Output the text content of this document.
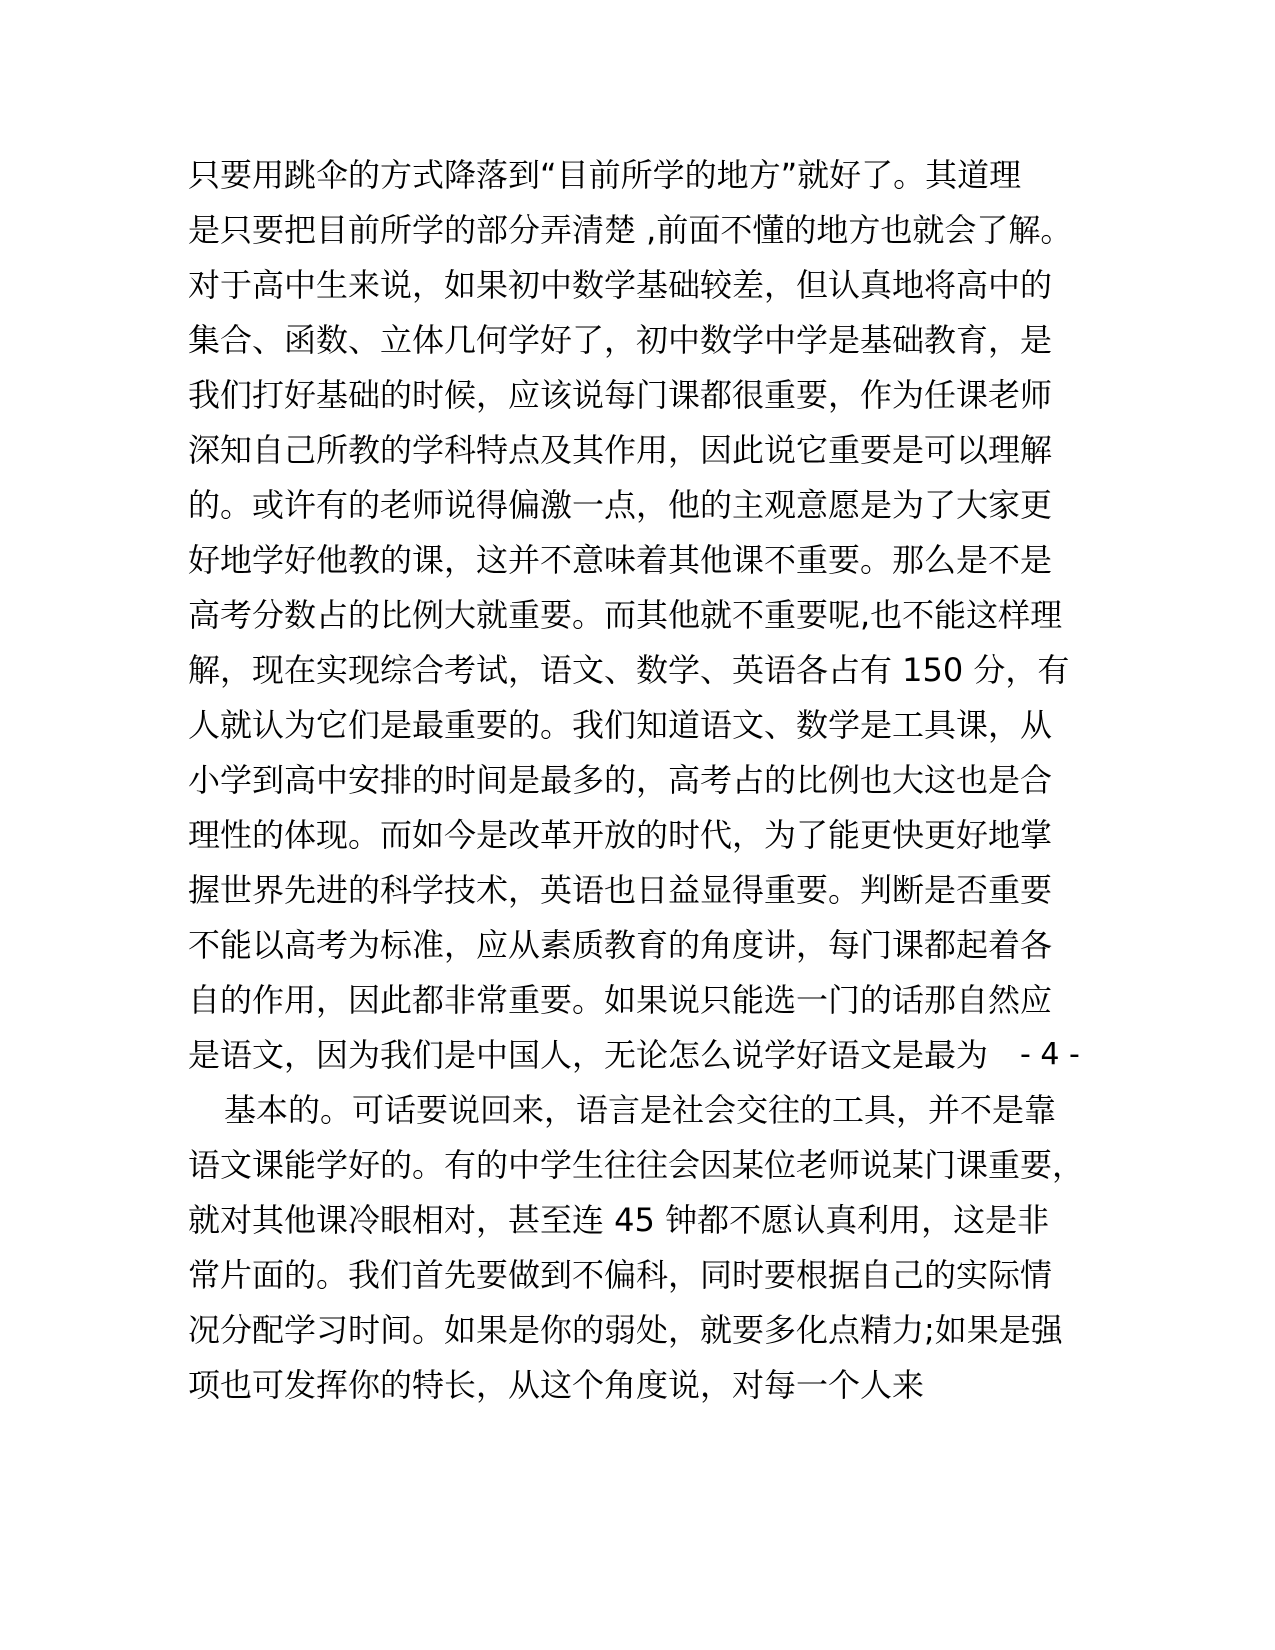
只要用跳伞的方式降落到“目前所学的地方”就好了。其道理
是只要把目前所学的部分弄清楚 ,前面不懂的地方也就会了解。
对于高中生来说，如果初中数学基础较差，但认真地将高中的
集合、函数、立体几何学好了，初中数学中学是基础教育，是
我们打好基础的时候，应该说每门课都很重要，作为任课老师
深知自己所教的学科特点及其作用，因此说它重要是可以理解
的。或许有的老师说得偏激一点，他的主观意愿是为了大家更
好地学好他教的课，这并不意味着其他课不重要。那么是不是
高考分数占的比例大就重要。而其他就不重要呢,也不能这样理
解，现在实现综合考试，语文、数学、英语各占有 150 分，有
人就认为它们是最重要的。我们知道语文、数学是工具课，从
小学到高中安排的时间是最多的，高考占的比例也大这也是合
理性的体现。而如今是改革开放的时代，为了能更快更好地掌
握世界先进的科学技术，英语也日益显得重要。判断是否重要
不能以高考为标准，应从素质教育的角度讲，每门课都起着各
自的作用，因此都非常重要。如果说只能选一门的话那自然应
是语文，因为我们是中国人，无论怎么说学好语文是最为 - 4 -
基本的。可话要说回来，语言是社会交往的工具，并不是靠
语文课能学好的。有的中学生往往会因某位老师说某门课重要，
就对其他课冷眼相对，甚至连 45 钟都不愿认真利用，这是非
常片面的。我们首先要做到不偏科，同时要根据自己的实际情
况分配学习时间。如果是你的弱处，就要多化点精力;如果是强
项也可发挥你的特长，从这个角度说，对每一个人来
